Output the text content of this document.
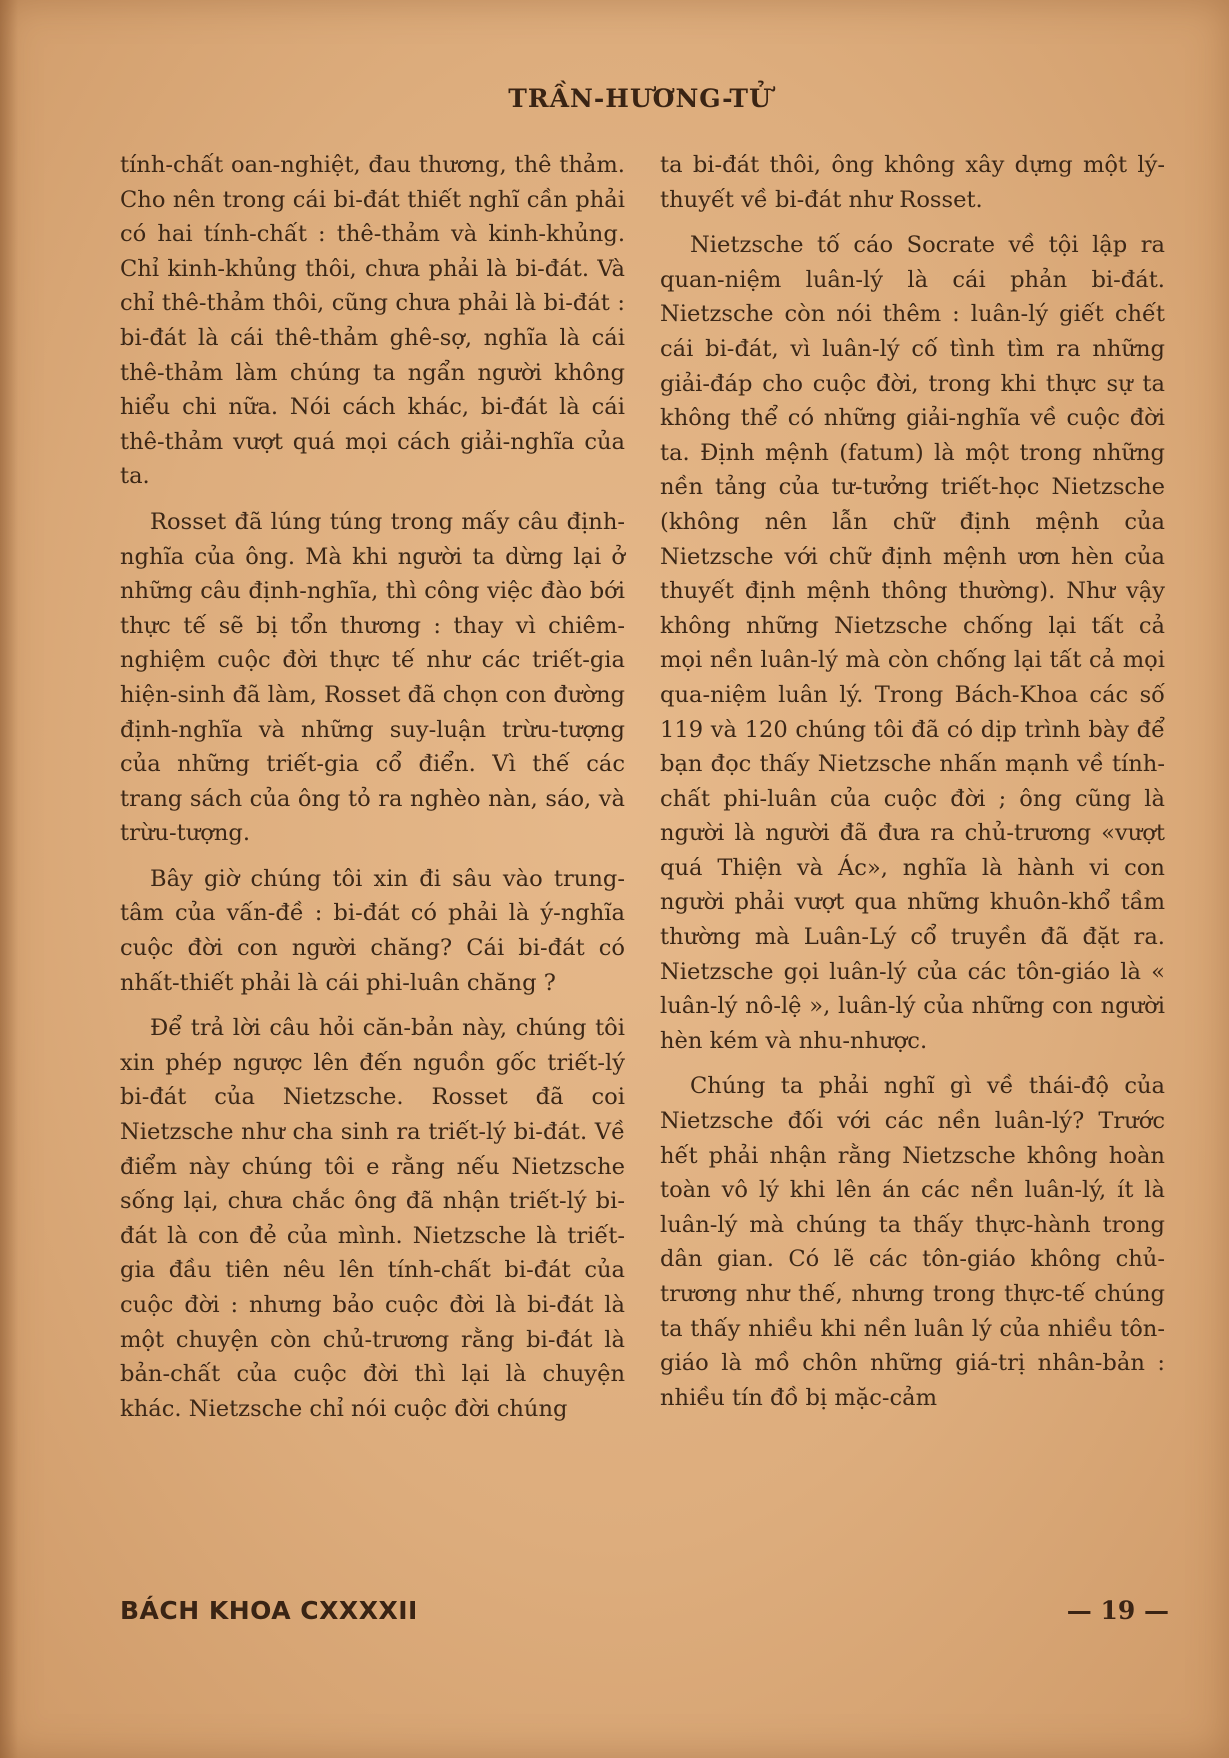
TRẦN-HƯƠNG-TỬ

tính-chất oan-nghiệt, đau thương, thê thảm. Cho nên trong cái bi-đát thiết nghĩ cần phải có hai tính-chất : thê-thảm và kinh-khủng. Chỉ kinh-khủng thôi, chưa phải là bi-đát. Và chỉ thê-thảm thôi, cũng chưa phải là bi-đát : bi-đát là cái thê-thảm ghê-sợ, nghĩa là cái thê-thảm làm chúng ta ngẩn người không hiểu chi nữa. Nói cách khác, bi-đát là cái thê-thảm vượt quá mọi cách giải-nghĩa của ta.

Rosset đã lúng túng trong mấy câu định-nghĩa của ông. Mà khi người ta dừng lại ở những câu định-nghĩa, thì công việc đào bới thực tế sẽ bị tổn thương : thay vì chiêm-nghiệm cuộc đời thực tế như các triết-gia hiện-sinh đã làm, Rosset đã chọn con đường định-nghĩa và những suy-luận trừu-tượng của những triết-gia cổ điển. Vì thế các trang sách của ông tỏ ra nghèo nàn, sáo, và trừu-tượng.

Bây giờ chúng tôi xin đi sâu vào trung-tâm của vấn-đề : bi-đát có phải là ý-nghĩa cuộc đời con người chăng? Cái bi-đát có nhất-thiết phải là cái phi-luân chăng ?

Để trả lời câu hỏi căn-bản này, chúng tôi xin phép ngược lên đến nguồn gốc triết-lý bi-đát của Nietzsche. Rosset đã coi Nietzsche như cha sinh ra triết-lý bi-đát. Về điểm này chúng tôi e rằng nếu Nietzsche sống lại, chưa chắc ông đã nhận triết-lý bi-đát là con đẻ của mình. Nietzsche là triết-gia đầu tiên nêu lên tính-chất bi-đát của cuộc đời : nhưng bảo cuộc đời là bi-đát là một chuyện còn chủ-trương rằng bi-đát là bản-chất của cuộc đời thì lại là chuyện khác. Nietzsche chỉ nói cuộc đời chúng

ta bi-đát thôi, ông không xây dựng một lý-thuyết về bi-đát như Rosset.

Nietzsche tố cáo Socrate về tội lập ra quan-niệm luân-lý là cái phản bi-đát. Nietzsche còn nói thêm : luân-lý giết chết cái bi-đát, vì luân-lý cố tình tìm ra những giải-đáp cho cuộc đời, trong khi thực sự ta không thể có những giải-nghĩa về cuộc đời ta. Định mệnh (fatum) là một trong những nền tảng của tư-tưởng triết-học Nietzsche (không nên lẫn chữ định mệnh của Nietzsche với chữ định mệnh ươn hèn của thuyết định mệnh thông thường). Như vậy không những Nietzsche chống lại tất cả mọi nền luân-lý mà còn chống lại tất cả mọi qua-niệm luân lý. Trong Bách-Khoa các số 119 và 120 chúng tôi đã có dịp trình bày để bạn đọc thấy Nietzsche nhấn mạnh về tính-chất phi-luân của cuộc đời ; ông cũng là người là người đã đưa ra chủ-trương «vượt quá Thiện và Ác», nghĩa là hành vi con người phải vượt qua những khuôn-khổ tầm thường mà Luân-Lý cổ truyền đã đặt ra. Nietzsche gọi luân-lý của các tôn-giáo là « luân-lý nô-lệ », luân-lý của những con người hèn kém và nhu-nhược.

Chúng ta phải nghĩ gì về thái-độ của Nietzsche đối với các nền luân-lý? Trước hết phải nhận rằng Nietzsche không hoàn toàn vô lý khi lên án các nền luân-lý, ít là luân-lý mà chúng ta thấy thực-hành trong dân gian. Có lẽ các tôn-giáo không chủ-trương như thế, nhưng trong thực-tế chúng ta thấy nhiều khi nền luân lý của nhiều tôn-giáo là mồ chôn những giá-trị nhân-bản : nhiều tín đồ bị mặc-cảm

BÁCH KHOA CXXXXII	— 19 —
